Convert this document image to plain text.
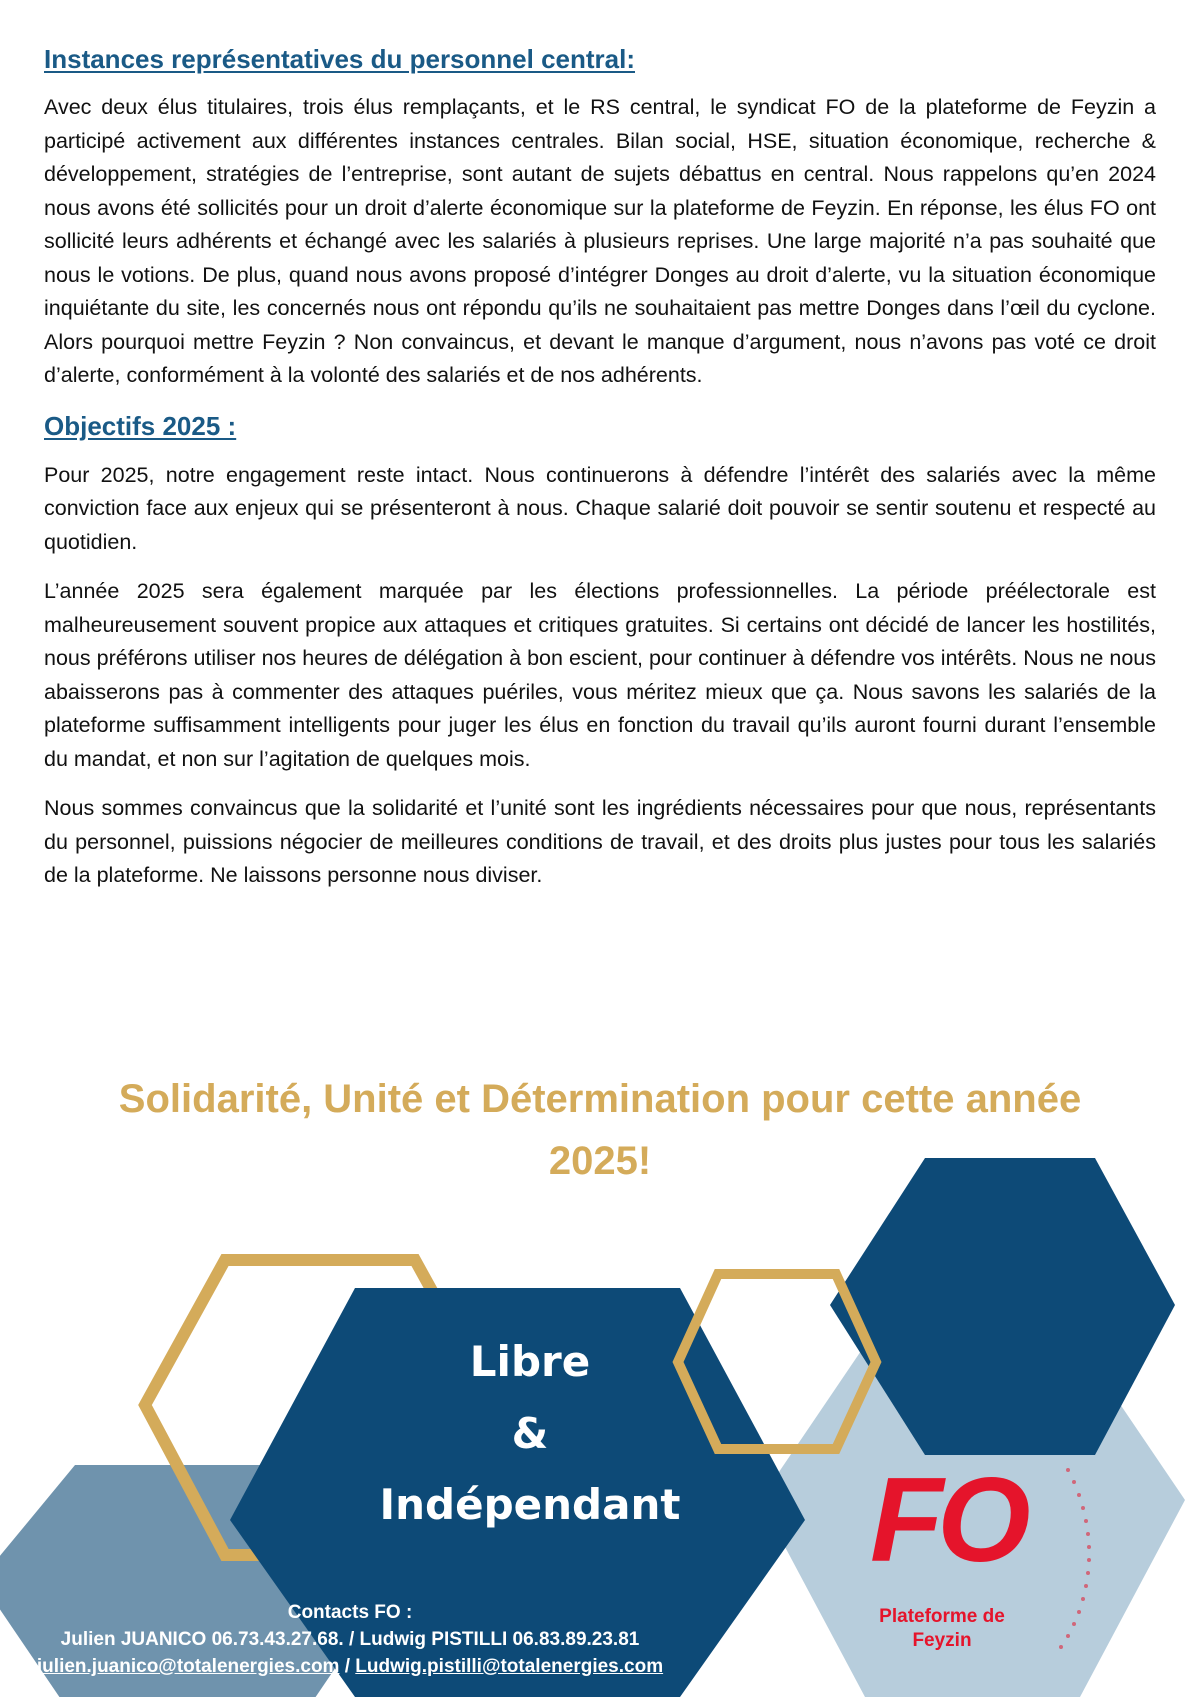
Instances représentatives du personnel central:

Avec deux élus titulaires, trois élus remplaçants, et le RS central, le syndicat FO de la plateforme de Feyzin a participé activement aux différentes instances centrales. Bilan social, HSE, situation économique, recherche & développement, stratégies de l’entreprise, sont autant de sujets débattus en central. Nous rappelons qu’en 2024 nous avons été sollicités pour un droit d’alerte économique sur la plateforme de Feyzin. En réponse, les élus FO ont sollicité leurs adhérents et échangé avec les salariés à plusieurs reprises. Une large majorité n’a pas souhaité que nous le votions. De plus, quand nous avons proposé d’intégrer Donges au droit d’alerte, vu la situation économique inquiétante du site, les concernés nous ont répondu qu’ils ne souhaitaient pas mettre Donges dans l’œil du cyclone. Alors pourquoi mettre Feyzin ? Non convaincus, et devant le manque d’argument, nous n’avons pas voté ce droit d’alerte, conformément à la volonté des salariés et de nos adhérents.

Objectifs 2025 :

Pour 2025, notre engagement reste intact. Nous continuerons à défendre l’intérêt des salariés avec la même conviction face aux enjeux qui se présenteront à nous. Chaque salarié doit pouvoir se sentir soutenu et respecté au quotidien.

L’année 2025 sera également marquée par les élections professionnelles. La période préélectorale est malheureusement souvent propice aux attaques et critiques gratuites. Si certains ont décidé de lancer les hostilités, nous préférons utiliser nos heures de délégation à bon escient, pour continuer à défendre vos intérêts. Nous ne nous abaisserons pas à commenter des attaques puériles, vous méritez mieux que ça. Nous savons les salariés de la plateforme suffisamment intelligents pour juger les élus en fonction du travail qu’ils auront fourni durant l’ensemble du mandat, et non sur l’agitation de quelques mois.

Nous sommes convaincus que la solidarité et l’unité sont les ingrédients nécessaires pour que nous, représentants du personnel, puissions négocier de meilleures conditions de travail, et des droits plus justes pour tous les salariés de la plateforme. Ne laissons personne nous diviser.

Solidarité, Unité et Détermination pour cette année
2025!
Libre
&
Indépendant
Contacts FO :
Julien JUANICO 06.73.43.27.68. / Ludwig PISTILLI 06.83.89.23.81
julien.juanico@totalenergies.com / Ludwig.pistilli@totalenergies.com
FO
Plateforme de
Feyzin
